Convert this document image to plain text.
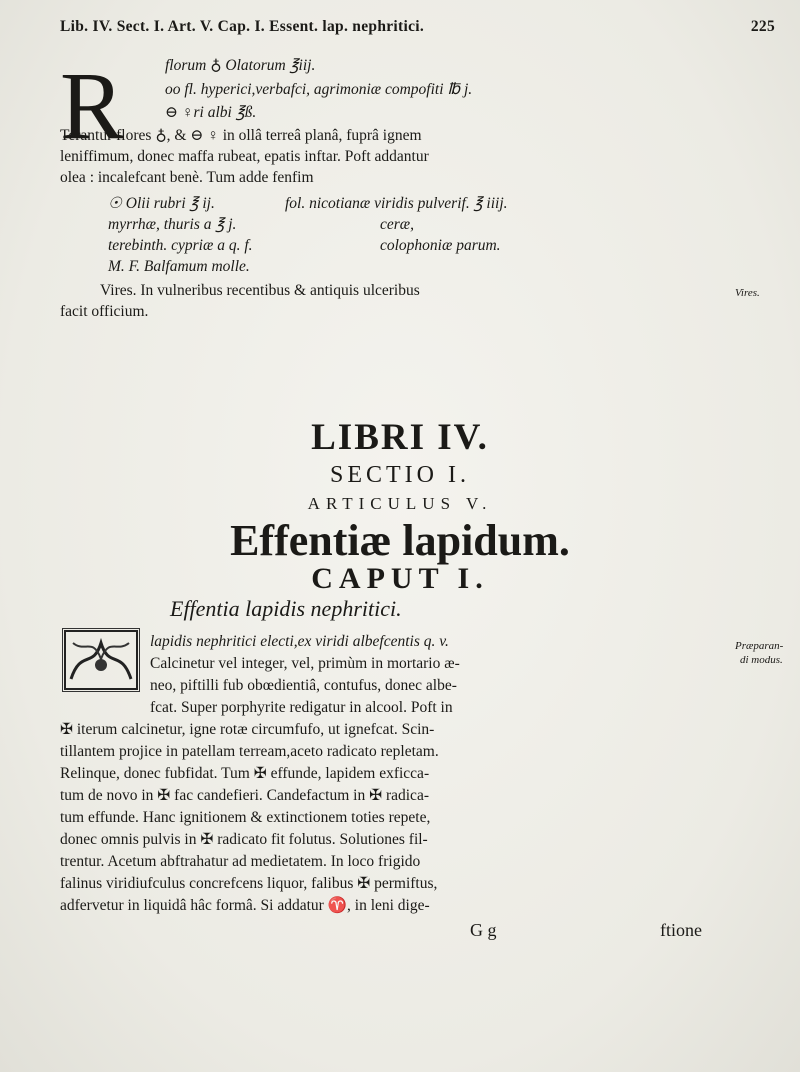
Lib. IV. Sect. I. Art. V. Cap. I. Essent. lap. nephritici.	225
R	florum ♁ Olatorum ℥iij.
oo fl. hyperici,verbafci, agrimoniæ compofiti ℔ j.
⊖ ♀ri albi ℥ß.
Terantur flores ♁, & ⊖ ♀ in ollâ terreâ planâ, fuprâ ignem
leniffimum, donec maffa rubeat, epatis inftar. Poft addantur
olea : incalefcant benè. Tum adde fenfim
☉ Olii rubri ℥ ij.
myrrhæ, thuris a ℥ j.
terebinth. cypriæ a q. f.
M. F. Balfamum molle.
fol. nicotianæ viridis pulverif. ℥ iiij.
ceræ,
colophoniæ parum.
Vires. In vulneribus recentibus & antiquis ulceribus
facit officium.
Vires.
LIBRI IV.
SECTIO I.
ARTICULUS V.
Effentiæ lapidum.
CAPUT I.
Effentia lapidis nephritici.
lapidis nephritici electi,ex viridi albefcentis q. v.
Calcinetur vel integer, vel, primùm in mortario æ-
neo, piftilli fub obœdientiâ, contufus, donec albe-
fcat. Super porphyrite redigatur in alcool. Poft in
✠ iterum calcinetur, igne rotæ circumfufo, ut ignefcat. Scin-
tillantem projice in patellam terream,aceto radicato repletam.
Relinque, donec fubfidat. Tum ✠ effunde, lapidem exficca-
tum de novo in ✠ fac candefieri. Candefactum in ✠ radica-
tum effunde. Hanc ignitionem & extinctionem toties repete,
donec omnis pulvis in ✠ radicato fit folutus. Solutiones fil-
trentur. Acetum abftrahatur ad medietatem. In loco frigido
falinus viridiufculus concrefcens liquor, falibus ✠ permiftus,
adfervetur in liquidâ hâc formâ. Si addatur ♈, in leni dige-
Præparan-
di modus.
G g	ftione
